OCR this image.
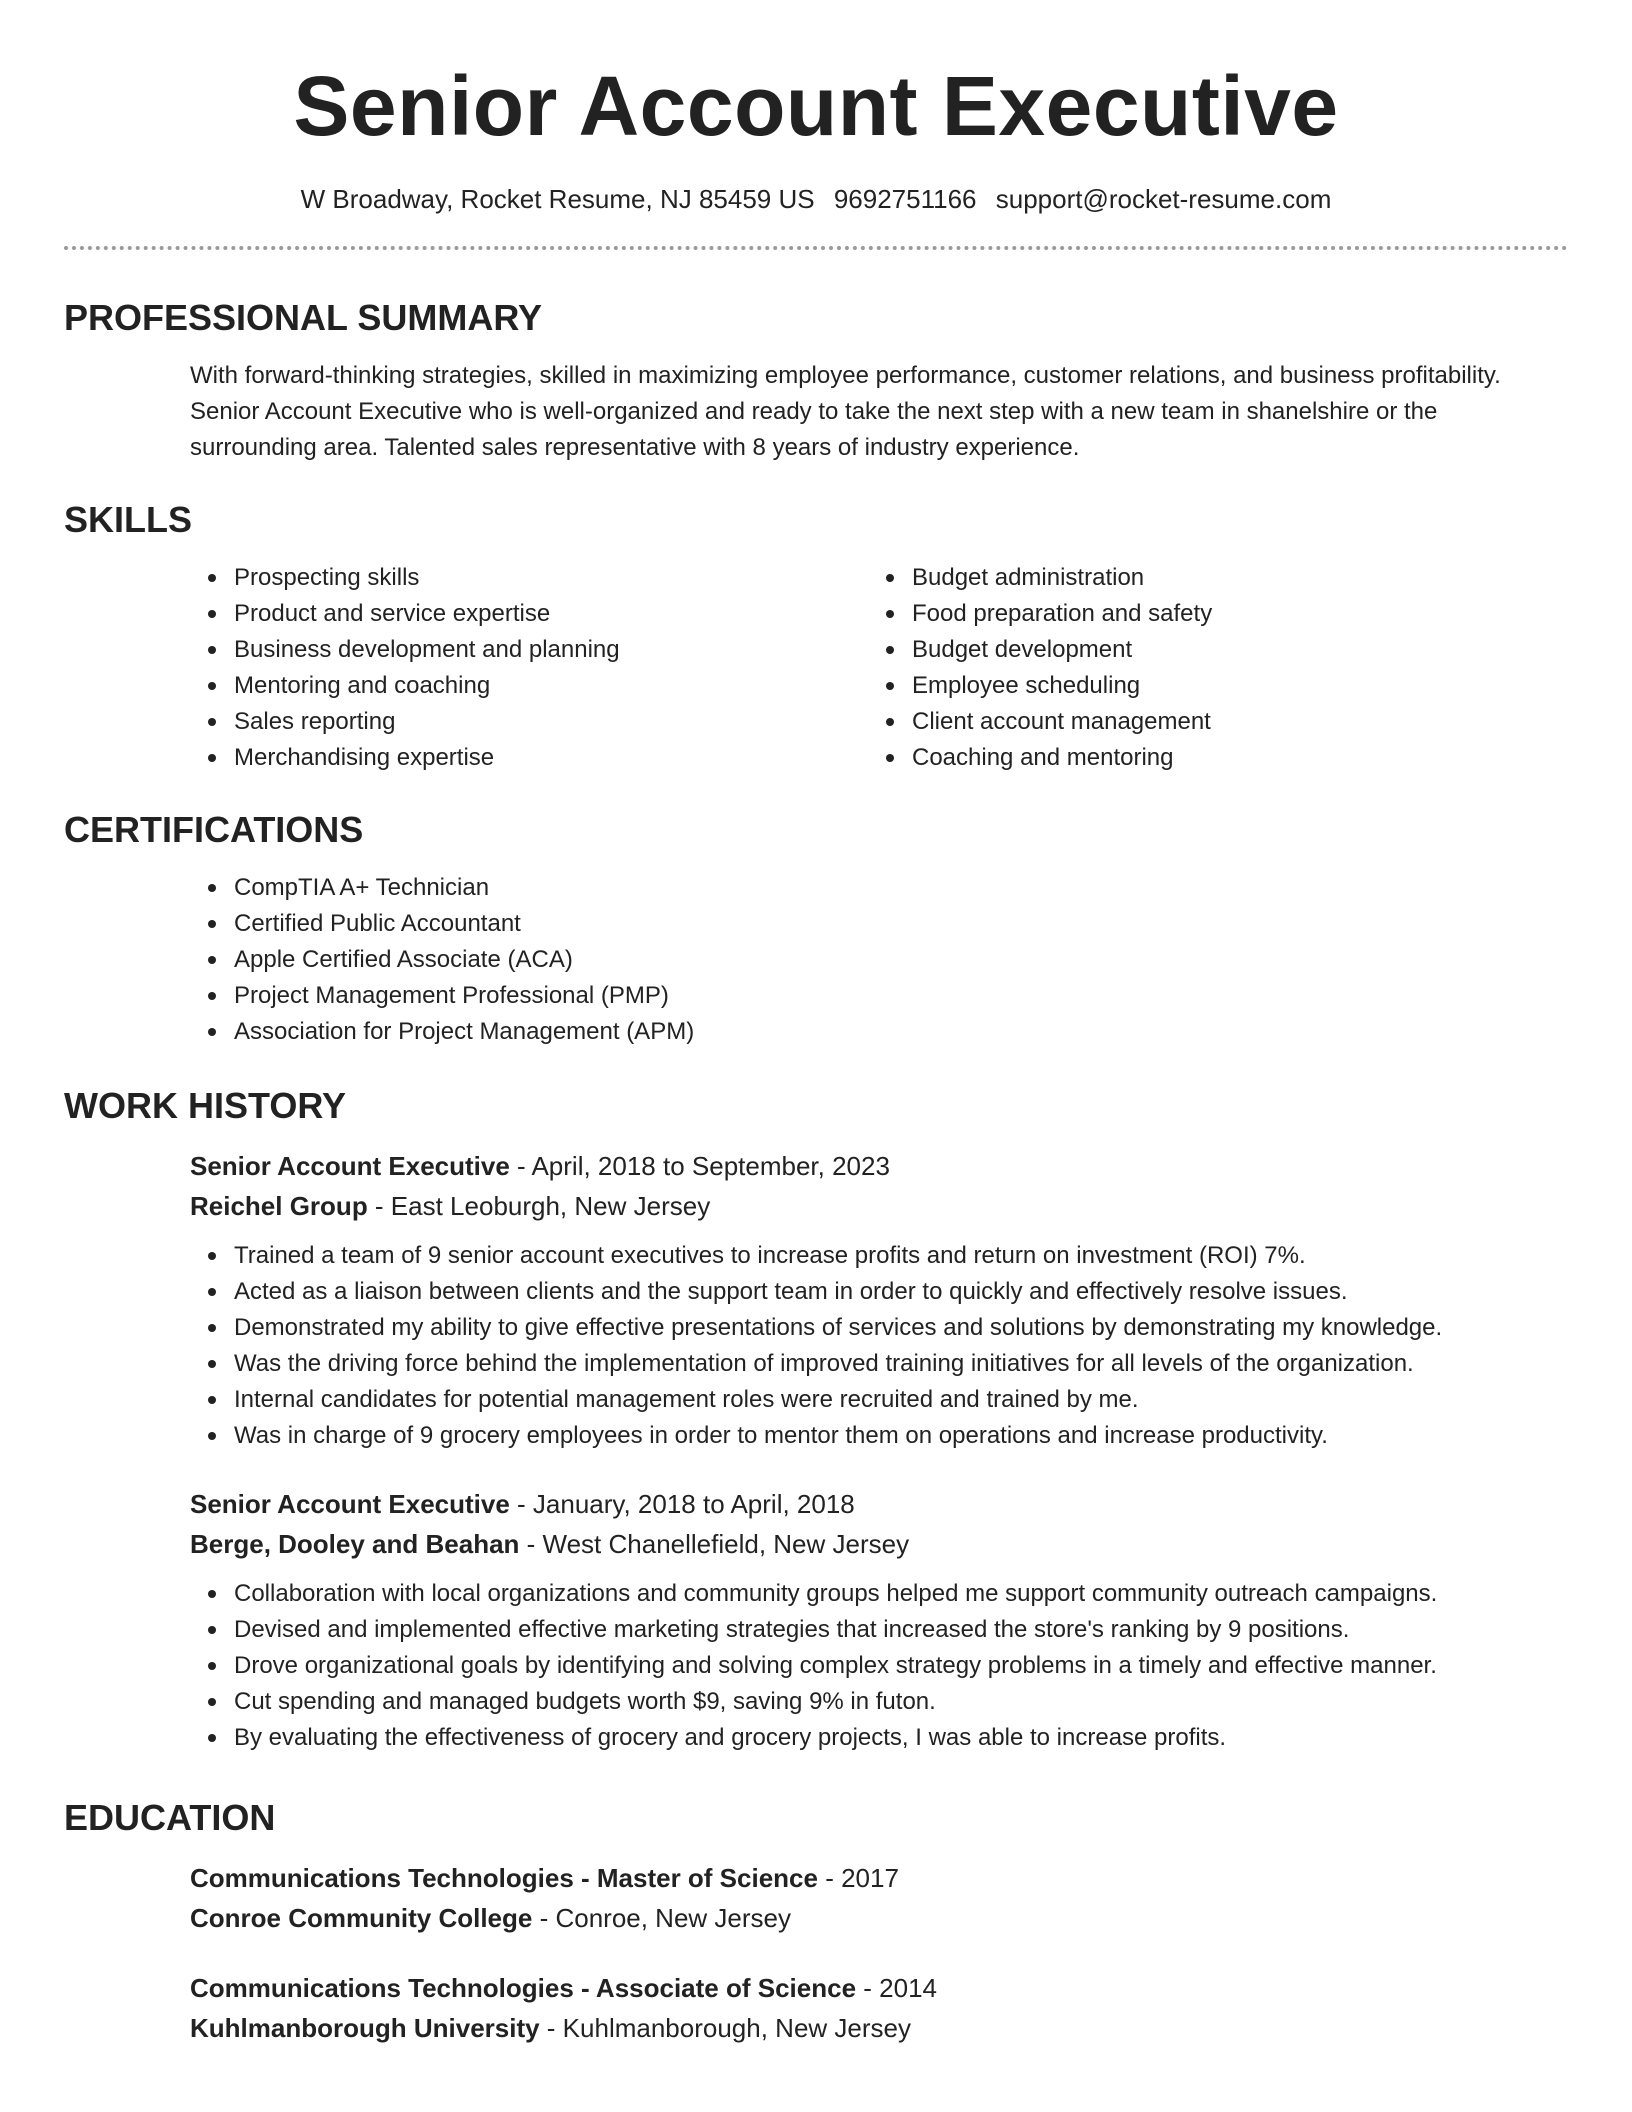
Senior Account Executive
W Broadway, Rocket Resume, NJ 85459 US 9692751166 support@rocket-resume.com
PROFESSIONAL SUMMARY

With forward-thinking strategies, skilled in maximizing employee performance, customer relations, and business profitability. Senior Account Executive who is well-organized and ready to take the next step with a new team in shanelshire or the surrounding area. Talented sales representative with 8 years of industry experience.

SKILLS
Prospecting skills
Product and service expertise
Business development and planning
Mentoring and coaching
Sales reporting
Merchandising expertise
Budget administration
Food preparation and safety
Budget development
Employee scheduling
Client account management
Coaching and mentoring
CERTIFICATIONS
CompTIA A+ Technician
Certified Public Accountant
Apple Certified Associate (ACA)
Project Management Professional (PMP)
Association for Project Management (APM)
WORK HISTORY
Senior Account Executive - April, 2018 to September, 2023
Reichel Group - East Leoburgh, New Jersey
Trained a team of 9 senior account executives to increase profits and return on investment (ROI) 7%.
Acted as a liaison between clients and the support team in order to quickly and effectively resolve issues.
Demonstrated my ability to give effective presentations of services and solutions by demonstrating my knowledge.
Was the driving force behind the implementation of improved training initiatives for all levels of the organization.
Internal candidates for potential management roles were recruited and trained by me.
Was in charge of 9 grocery employees in order to mentor them on operations and increase productivity.
Senior Account Executive - January, 2018 to April, 2018
Berge, Dooley and Beahan - West Chanellefield, New Jersey
Collaboration with local organizations and community groups helped me support community outreach campaigns.
Devised and implemented effective marketing strategies that increased the store's ranking by 9 positions.
Drove organizational goals by identifying and solving complex strategy problems in a timely and effective manner.
Cut spending and managed budgets worth $9, saving 9% in futon.
By evaluating the effectiveness of grocery and grocery projects, I was able to increase profits.
EDUCATION
Communications Technologies - Master of Science - 2017
Conroe Community College - Conroe, New Jersey
Communications Technologies - Associate of Science - 2014
Kuhlmanborough University - Kuhlmanborough, New Jersey
